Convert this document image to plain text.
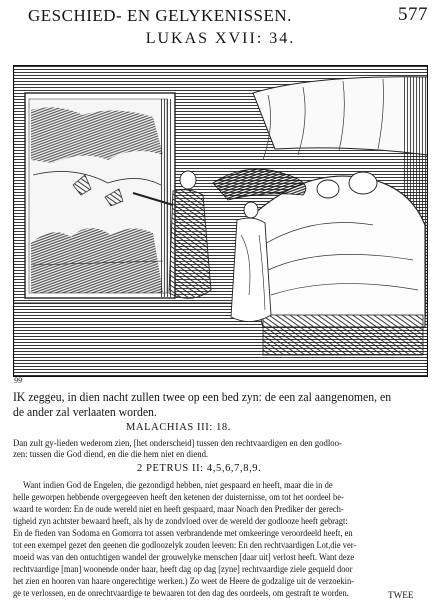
GESCHIED- EN GELYKENISSEN.	577
LUKAS XVII: 34.
99
IK zeggeu, in dien nacht zullen twee op een bed zyn: de een zal aangenomen, en
de ander zal verlaaten worden.
MALACHIAS III: 18.
Dan zult gy-lieden wederom zien, [het onderscheid] tussen den rechtvaardigen en den godloo-
zen: tussen die God diend, en die die hem niet en diend.
2 PETRUS II: 4,5,6,7,8,9.
Want indien God de Engelen, die gezondigd hebben, niet gespaard en heeft, maar die in de
helle geworpen hebbende overgegeeven heeft den ketenen der duisternisse, om tot het oordeel be-
waard te worden: En de oude wereld niet en heeft gespaard, maar Noach den Prediker der gerech-
tigheid zyn achtster bewaard heeft, als hy de zondvloed over de wereld der godlooze heeft gebragt:
En de fteden van Sodoma en Gomorra tot assen verbrandende met omkeeringe veroordeeld heeft, en
tot een exempel gezet den geenen die godloozelyk zouden leeven: En den rechtvaardigen Lot,die ver-
moeid was van den ontuchtigen wandel der grouwelyke menschen [daar uit] verlost heeft. Want deze
rechtvaardige [man] woonende onder haar, heeft dag op dag [zyne] rechtvaardige ziele gequeld door
het zien en hooren van haare ongerechtige werken.) Zo weet de Heere de godzalige uit de verzoekin-
ge te verlossen, en de onrechtvaardige te bewaaren tot den dag des oordeels, om gestraft te worden.	TWEE
